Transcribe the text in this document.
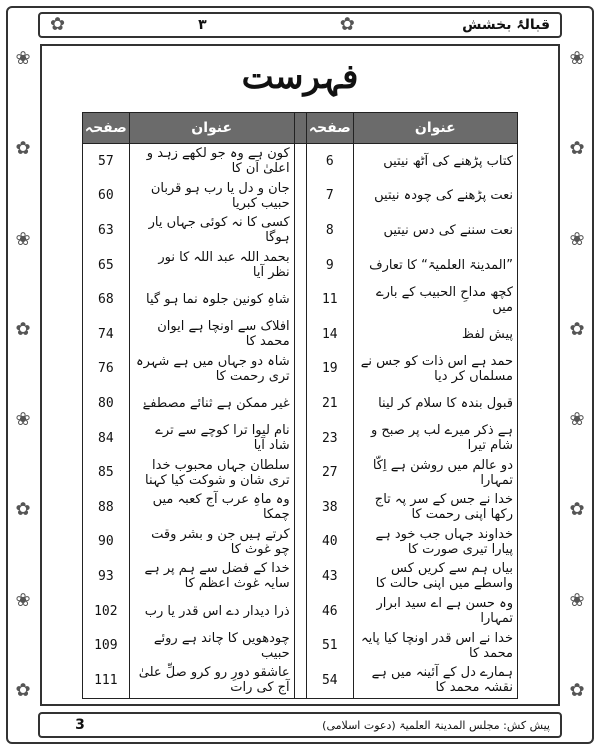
❀
✿
❀
✿
❀
✿
❀
✿
❀
✿
❀
✿
❀
✿
❀
✿
✿	۳	✿	قبالۂ بخشش
فہرست
عنوان	صفحہ		عنوان	صفحہ
کتاب پڑھنے کی آٹھ نیتیں	6		کون ہے وہ جو لکھے زہد و اعلیٰ اَن کا	57
نعت پڑھنے کی چودہ نیتیں	7		جان و دل یا رب ہو قربان حبیب کبریا	60
نعت سننے کی دس نیتیں	8		کسی کا نہ کوئی جہاں یار ہوگا	63
”المدینۃ العلمیۃ“ کا تعارف	9		بحمد اللہ عبد اللہ کا نور نظر آیا	65
کچھ مداحِ الحبیب کے بارے میں	11		شاہِ کونین جلوہ نما ہو گیا	68
پیش لفظ	14		افلاک سے اونچا ہے ایوان محمد کا	74
حمد ہے اس ذات کو جس نے مسلماں کر دیا	19		شاہ دو جہاں میں ہے شہرہ تری رحمت کا	76
قبول بندہ کا سلام کر لینا	21		غیر ممکن ہے ثنائے مصطفےٰ	80
ہے ذکر میرے لب پر صبح و شام تیرا	23		نام لیوا ترا کوچے سے ترے شاد آیا	84
دو عالم میں روشن ہے اِکّا تمہارا	27		سلطان جہاں محبوب خدا تری شان و شوکت کیا کہنا	85
خدا نے جس کے سر پہ تاج رکھا اپنی رحمت کا	38		وہ ماہِ عرب آج کعبہ میں چمکا	88
خداوند جہاں جب خود ہے پیارا تیری صورت کا	40		کرتے ہیں جن و بشر وقت چو غوث کا	90
بیاں ہم سے کریں کس واسطے میں اپنی حالت کا	43		خدا کے فضل سے ہم پر ہے سایہ غوث اعظم کا	93
وہ حسن ہے اے سید ابرار تمہارا	46		ذرا دیدار دے اس قدر یا رب	102
خدا نے اس قدر اونچا کیا پایہ محمد کا	51		چودھویں کا چاند ہے روئے حبیب	109
ہمارے دل کے آئینہ میں ہے نقشہ محمد کا	54		عاشقو دورِ رو کرو صلِّ علیٰ آج کی رات	111
3	پیش کش: مجلس المدینۃ العلمیۃ (دعوت اسلامی)
